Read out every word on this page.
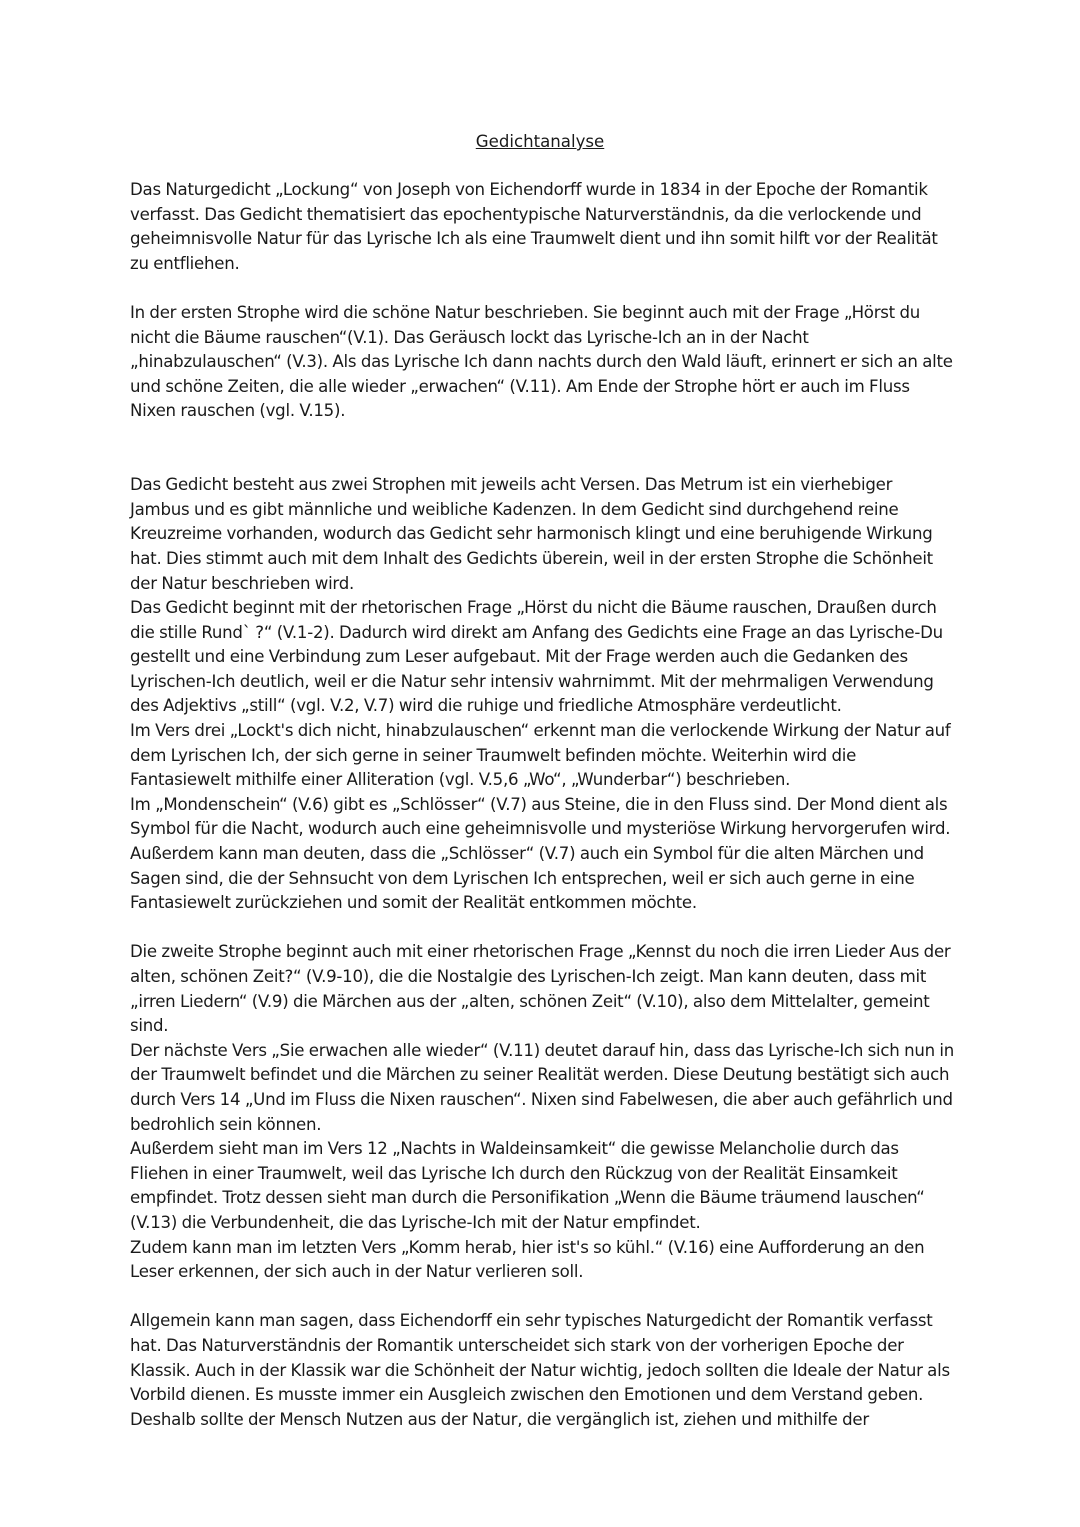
Gedichtanalyse

Das Naturgedicht „Lockung“ von Joseph von Eichendorff wurde in 1834 in der Epoche der Romantik verfasst. Das Gedicht thematisiert das epochentypische Naturverständnis, da die verlockende und geheimnisvolle Natur für das Lyrische Ich als eine Traumwelt dient und ihn somit hilft vor der Realität zu entfliehen.

In der ersten Strophe wird die schöne Natur beschrieben. Sie beginnt auch mit der Frage „Hörst du nicht die Bäume rauschen“(V.1). Das Geräusch lockt das Lyrische-Ich an in der Nacht „hinabzulauschen“ (V.3). Als das Lyrische Ich dann nachts durch den Wald läuft, erinnert er sich an alte und schöne Zeiten, die alle wieder „erwachen“ (V.11). Am Ende der Strophe hört er auch im Fluss Nixen rauschen (vgl. V.15).

Das Gedicht besteht aus zwei Strophen mit jeweils acht Versen. Das Metrum ist ein vierhebiger Jambus und es gibt männliche und weibliche Kadenzen. In dem Gedicht sind durchgehend reine Kreuzreime vorhanden, wodurch das Gedicht sehr harmonisch klingt und eine beruhigende Wirkung hat. Dies stimmt auch mit dem Inhalt des Gedichts überein, weil in der ersten Strophe die Schönheit der Natur beschrieben wird.

Das Gedicht beginnt mit der rhetorischen Frage „Hörst du nicht die Bäume rauschen, Draußen durch die stille Rund` ?“ (V.1-2). Dadurch wird direkt am Anfang des Gedichts eine Frage an das Lyrische-Du gestellt und eine Verbindung zum Leser aufgebaut. Mit der Frage werden auch die Gedanken des Lyrischen-Ich deutlich, weil er die Natur sehr intensiv wahrnimmt. Mit der mehrmaligen Verwendung des Adjektivs „still“ (vgl. V.2, V.7) wird die ruhige und friedliche Atmosphäre verdeutlicht.

Im Vers drei „Lockt's dich nicht, hinabzulauschen“ erkennt man die verlockende Wirkung der Natur auf dem Lyrischen Ich, der sich gerne in seiner Traumwelt befinden möchte. Weiterhin wird die Fantasiewelt mithilfe einer Alliteration (vgl. V.5,6 „Wo“, „Wunderbar“) beschrieben.

Im „Mondenschein“ (V.6) gibt es „Schlösser“ (V.7) aus Steine, die in den Fluss sind. Der Mond dient als Symbol für die Nacht, wodurch auch eine geheimnisvolle und mysteriöse Wirkung hervorgerufen wird. Außerdem kann man deuten, dass die „Schlösser“ (V.7) auch ein Symbol für die alten Märchen und Sagen sind, die der Sehnsucht von dem Lyrischen Ich entsprechen, weil er sich auch gerne in eine Fantasiewelt zurückziehen und somit der Realität entkommen möchte.

Die zweite Strophe beginnt auch mit einer rhetorischen Frage „Kennst du noch die irren Lieder Aus der alten, schönen Zeit?“ (V.9-10), die die Nostalgie des Lyrischen-Ich zeigt. Man kann deuten, dass mit „irren Liedern“ (V.9) die Märchen aus der „alten, schönen Zeit“ (V.10), also dem Mittelalter, gemeint sind.

Der nächste Vers „Sie erwachen alle wieder“ (V.11) deutet darauf hin, dass das Lyrische-Ich sich nun in der Traumwelt befindet und die Märchen zu seiner Realität werden. Diese Deutung bestätigt sich auch durch Vers 14 „Und im Fluss die Nixen rauschen“. Nixen sind Fabelwesen, die aber auch gefährlich und bedrohlich sein können.

Außerdem sieht man im Vers 12 „Nachts in Waldeinsamkeit“ die gewisse Melancholie durch das Fliehen in einer Traumwelt, weil das Lyrische Ich durch den Rückzug von der Realität Einsamkeit empfindet. Trotz dessen sieht man durch die Personifikation „Wenn die Bäume träumend lauschen“ (V.13) die Verbundenheit, die das Lyrische-Ich mit der Natur empfindet.

Zudem kann man im letzten Vers „Komm herab, hier ist's so kühl.“ (V.16) eine Aufforderung an den Leser erkennen, der sich auch in der Natur verlieren soll.

Allgemein kann man sagen, dass Eichendorff ein sehr typisches Naturgedicht der Romantik verfasst hat. Das Naturverständnis der Romantik unterscheidet sich stark von der vorherigen Epoche der Klassik. Auch in der Klassik war die Schönheit der Natur wichtig, jedoch sollten die Ideale der Natur als Vorbild dienen. Es musste immer ein Ausgleich zwischen den Emotionen und dem Verstand geben. Deshalb sollte der Mensch Nutzen aus der Natur, die vergänglich ist, ziehen und mithilfe der
